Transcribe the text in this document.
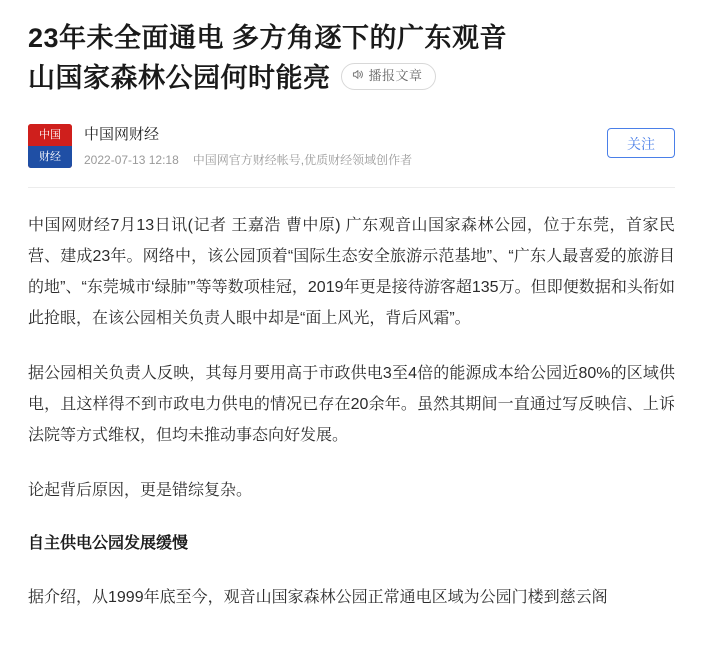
23年未全面通电 多方角逐下的广东观音
山国家森林公园何时能亮	播报文章
中国
财经
中国网财经
2022-07-13 12:18 中国网官方财经帐号,优质财经领域创作者
关注

中国网财经7月13日讯(记者 王嘉浩 曹中原) 广东观音山国家森林公园，位于东莞，首家民营、建成23年。网络中，该公园顶着“国际生态安全旅游示范基地”、“广东人最喜爱的旅游目的地”、“东莞城市‘绿肺’”等等数项桂冠，2019年更是接待游客超135万。但即便数据和头衔如此抢眼，在该公园相关负责人眼中却是“面上风光，背后风霜”。

据公园相关负责人反映，其每月要用高于市政供电3至4倍的能源成本给公园近80%的区域供电，且这样得不到市政电力供电的情况已存在20余年。虽然其期间一直通过写反映信、上诉法院等方式维权，但均未推动事态向好发展。

论起背后原因，更是错综复杂。

自主供电公园发展缓慢

据介绍，从1999年底至今，观音山国家森林公园正常通电区域为公园门楼到慈云阁
